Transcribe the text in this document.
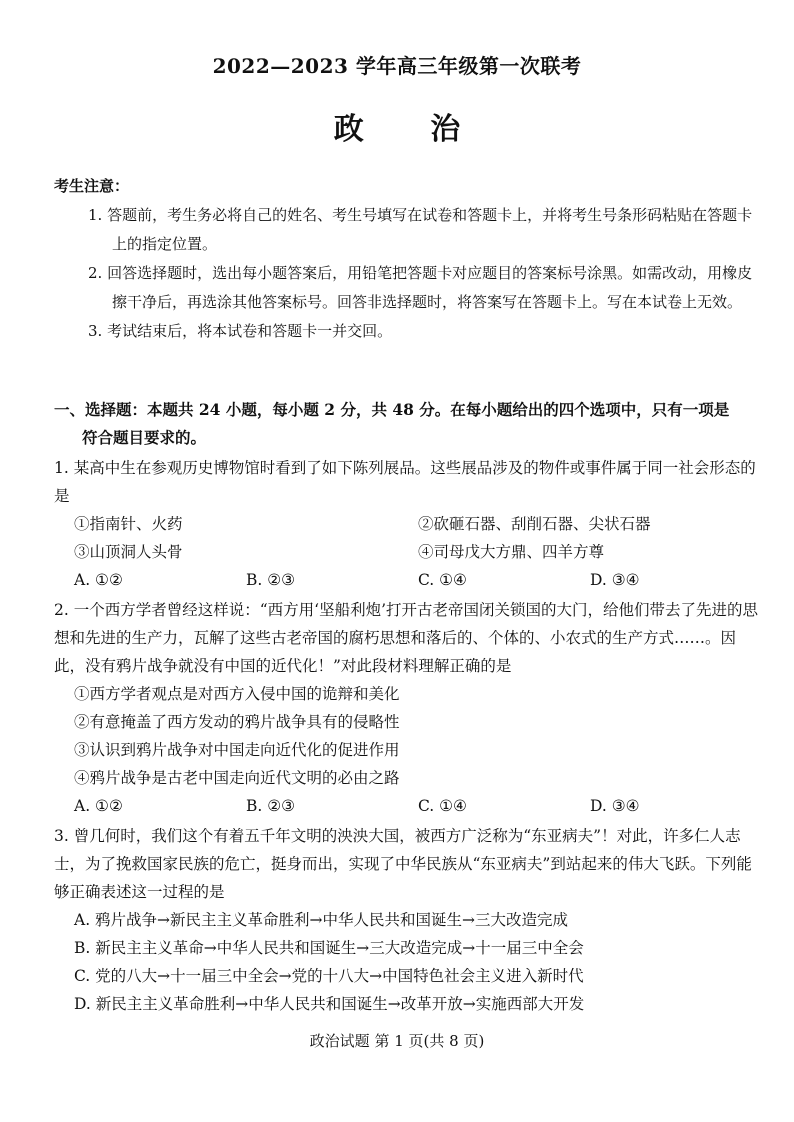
2022—2023 学年高三年级第一次联考
政 治
考生注意：
1. 答题前，考生务必将自己的姓名、考生号填写在试卷和答题卡上，并将考生号条形码粘贴在答题卡上的指定位置。
2. 回答选择题时，选出每小题答案后，用铅笔把答题卡对应题目的答案标号涂黑。如需改动，用橡皮擦干净后，再选涂其他答案标号。回答非选择题时，将答案写在答题卡上。写在本试卷上无效。
3. 考试结束后，将本试卷和答题卡一并交回。
一、选择题：本题共 24 小题，每小题 2 分，共 48 分。在每小题给出的四个选项中，只有一项是
符合题目要求的。
1. 某高中生在参观历史博物馆时看到了如下陈列展品。这些展品涉及的物件或事件属于同一社会形态的是
①指南针、火药	②砍砸石器、刮削石器、尖状石器
③山顶洞人头骨	④司母戊大方鼎、四羊方尊
A. ①②	B. ②③	C. ①④	D. ③④
2. 一个西方学者曾经这样说：“西方用‘坚船利炮’打开古老帝国闭关锁国的大门，给他们带去了先进的思想和先进的生产力，瓦解了这些古老帝国的腐朽思想和落后的、个体的、小农式的生产方式……。因此，没有鸦片战争就没有中国的近代化！”对此段材料理解正确的是
①西方学者观点是对西方入侵中国的诡辩和美化
②有意掩盖了西方发动的鸦片战争具有的侵略性
③认识到鸦片战争对中国走向近代化的促进作用
④鸦片战争是古老中国走向近代文明的必由之路
A. ①②	B. ②③	C. ①④	D. ③④
3. 曾几何时，我们这个有着五千年文明的泱泱大国，被西方广泛称为“东亚病夫”！对此，许多仁人志士，为了挽救国家民族的危亡，挺身而出，实现了中华民族从“东亚病夫”到站起来的伟大飞跃。下列能够正确表述这一过程的是
A. 鸦片战争→新民主主义革命胜利→中华人民共和国诞生→三大改造完成
B. 新民主主义革命→中华人民共和国诞生→三大改造完成→十一届三中全会
C. 党的八大→十一届三中全会→党的十八大→中国特色社会主义进入新时代
D. 新民主主义革命胜利→中华人民共和国诞生→改革开放→实施西部大开发
政治试题 第 1 页(共 8 页)
